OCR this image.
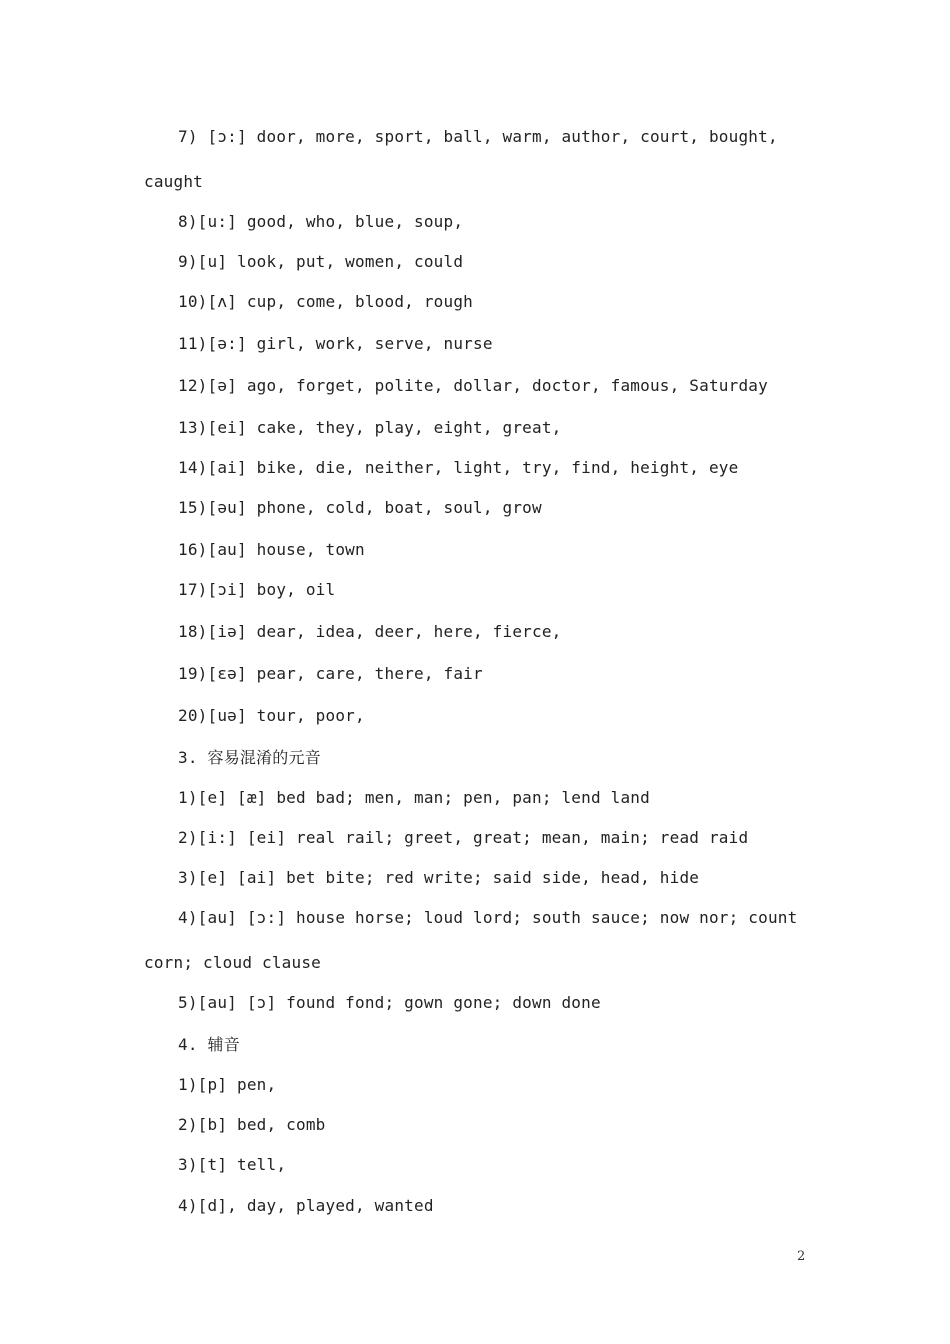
7) [ɔ:] door, more, sport, ball, warm, author, court, bought,
caught
8)[u:] good, who, blue, soup,
9)[u] look, put, women, could
10)[ʌ] cup, come, blood, rough
11)[ə:] girl, work, serve, nurse
12)[ə] ago, forget, polite, dollar, doctor, famous, Saturday
13)[ei] cake, they, play, eight, great,
14)[ai] bike, die, neither, light, try, find, height, eye
15)[əu] phone, cold, boat, soul, grow
16)[au] house, town
17)[ɔi] boy, oil
18)[iə] dear, idea, deer, here, fierce,
19)[ɛə] pear, care, there, fair
20)[uə] tour, poor,
3. 容易混淆的元音
1)[e] [æ] bed bad; men, man; pen, pan; lend land
2)[i:] [ei] real rail; greet, great; mean, main; read raid
3)[e] [ai] bet bite; red write; said side, head, hide
4)[au] [ɔ:] house horse; loud lord; south sauce; now nor; count
corn; cloud clause
5)[au] [ɔ] found fond; gown gone; down done
4. 辅音
1)[p] pen,
2)[b] bed, comb
3)[t] tell,
4)[d], day, played, wanted
2
